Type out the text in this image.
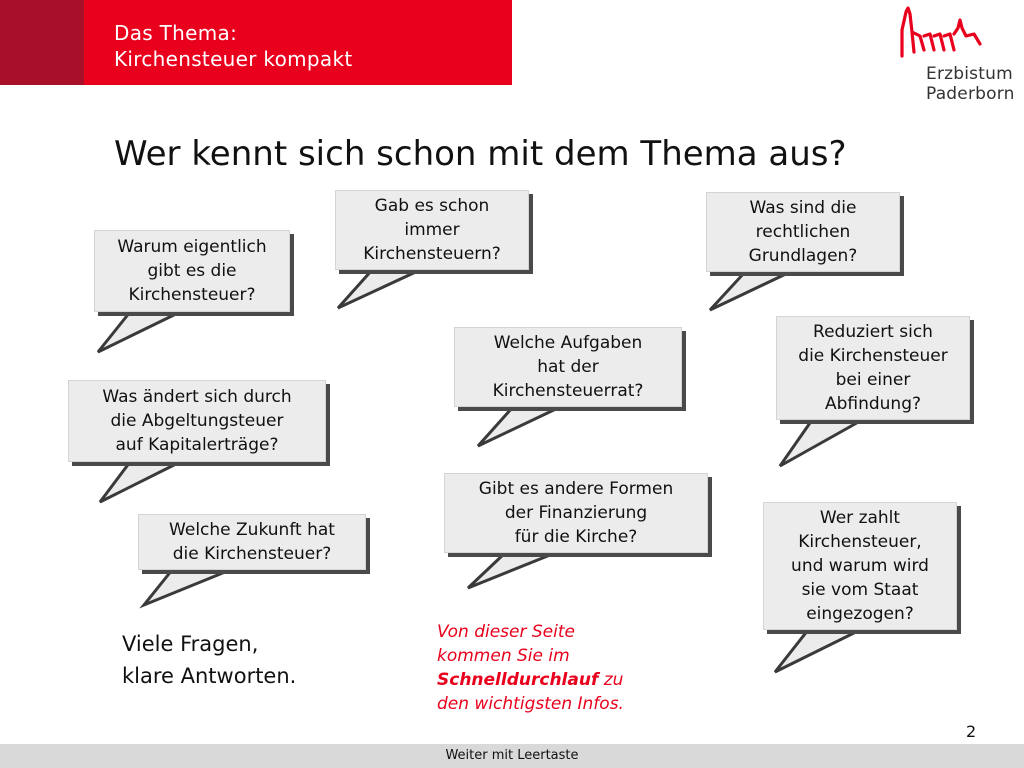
Das Thema:
Kirchensteuer kompakt
Erzbistum
Paderborn
Wer kennt sich schon mit dem Thema aus?
Warum eigentlich
gibt es die
Kirchensteuer?
Gab es schon
immer
Kirchensteuern?
Was sind die
rechtlichen
Grundlagen?
Welche Aufgaben
hat der
Kirchensteuerrat?
Reduziert sich
die Kirchensteuer
bei einer
Abfindung?
Was ändert sich durch
die Abgeltungsteuer
auf Kapitalerträge?
Gibt es andere Formen
der Finanzierung
für die Kirche?
Welche Zukunft hat
die Kirchensteuer?
Wer zahlt
Kirchensteuer,
und warum wird
sie vom Staat
eingezogen?
Viele Fragen,
klare Antworten.
Von dieser Seite
kommen Sie im
Schnelldurchlauf zu
den wichtigsten Infos.
2
Weiter mit Leertaste
